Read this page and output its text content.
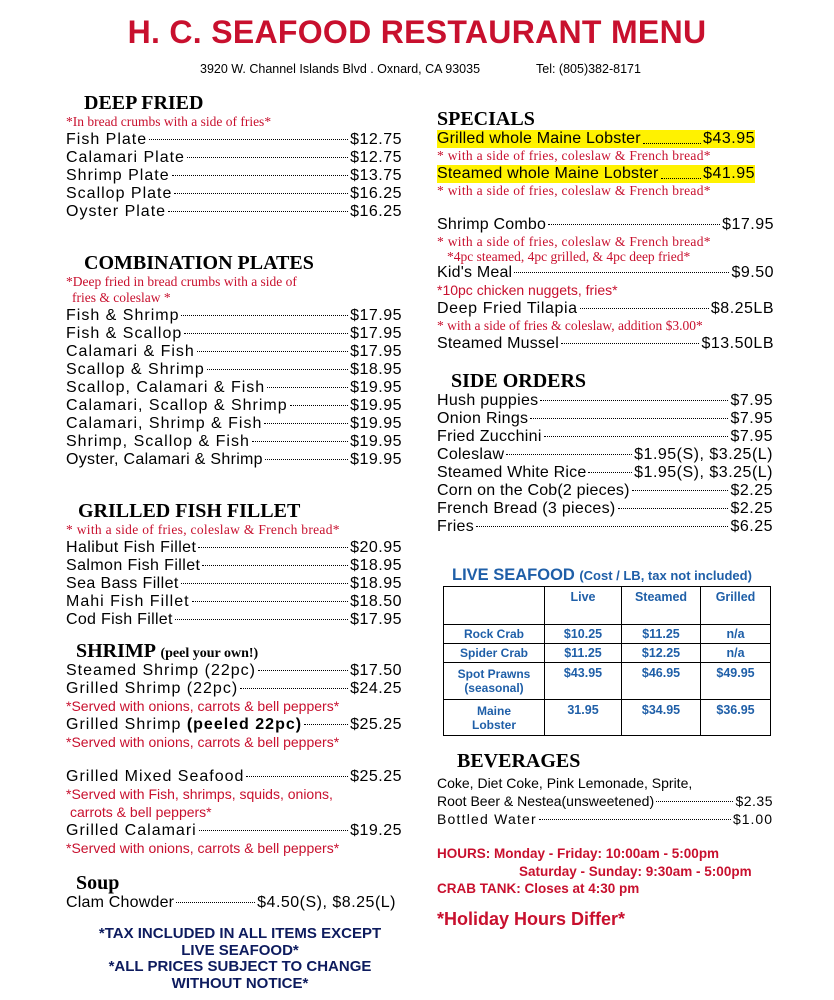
H. C. SEAFOOD RESTAURANT MENU
3920 W. Channel Islands Blvd . Oxnard, CA 93035	Tel: (805)382-8171
DEEP FRIED
*In bread crumbs with a side of fries*
Fish Plate	$12.75
Calamari Plate	$12.75
Shrimp Plate	$13.75
Scallop Plate	$16.25
Oyster Plate	$16.25
COMBINATION PLATES
*Deep fried in bread crumbs with a side of
fries & coleslaw *
Fish & Shrimp	$17.95
Fish & Scallop	$17.95
Calamari & Fish	$17.95
Scallop & Shrimp	$18.95
Scallop, Calamari & Fish	$19.95
Calamari, Scallop & Shrimp	$19.95
Calamari, Shrimp & Fish	$19.95
Shrimp, Scallop & Fish	$19.95
Oyster, Calamari & Shrimp	$19.95
GRILLED FISH FILLET
* with a side of fries, coleslaw & French bread*
Halibut Fish Fillet	$20.95
Salmon Fish Fillet	$18.95
Sea Bass Fillet	$18.95
Mahi Fish Fillet	$18.50
Cod Fish Fillet	$17.95
SHRIMP (peel your own!)
Steamed Shrimp (22pc)	$17.50
Grilled Shrimp (22pc)	$24.25
*Served with onions, carrots & bell peppers*
Grilled Shrimp (peeled 22pc)	$25.25
*Served with onions, carrots & bell peppers*
Grilled Mixed Seafood	$25.25
*Served with Fish, shrimps, squids, onions,
carrots & bell peppers*
Grilled Calamari	$19.25
*Served with onions, carrots & bell peppers*
Soup
Clam Chowder	$4.50(S), $8.25(L)
*TAX INCLUDED IN ALL ITEMS EXCEPT
LIVE SEAFOOD*
*ALL PRICES SUBJECT TO CHANGE
WITHOUT NOTICE*
SPECIALS
Grilled whole Maine Lobster	$43.95
* with a side of fries, coleslaw & French bread*
Steamed whole Maine Lobster	$41.95
* with a side of fries, coleslaw & French bread*
Shrimp Combo	$17.95
* with a side of fries, coleslaw & French bread*
*4pc steamed, 4pc grilled, & 4pc deep fried*
Kid's Meal	$9.50
*10pc chicken nuggets, fries*
Deep Fried Tilapia	$8.25LB
* with a side of fries & coleslaw, addition $3.00*
Steamed Mussel	$13.50LB
SIDE ORDERS
Hush puppies	$7.95
Onion Rings	$7.95
Fried Zucchini	$7.95
Coleslaw	$1.95(S), $3.25(L)
Steamed White Rice	$1.95(S), $3.25(L)
Corn on the Cob(2 pieces)	$2.25
French Bread (3 pieces)	$2.25
Fries	$6.25
LIVE SEAFOOD (Cost / LB, tax not included)
	Live	Steamed	Grilled
Rock Crab	$10.25	$11.25	n/a
Spider Crab	$11.25	$12.25	n/a
Spot Prawns (seasonal)	$43.95	$46.95	$49.95
Maine Lobster	31.95	$34.95	$36.95
BEVERAGES
Coke, Diet Coke, Pink Lemonade, Sprite,
Root Beer & Nestea(unsweetened)	$2.35
Bottled Water	$1.00
HOURS: Monday - Friday: 10:00am - 5:00pm
Saturday - Sunday: 9:30am - 5:00pm
CRAB TANK: Closes at 4:30 pm
*Holiday Hours Differ*
